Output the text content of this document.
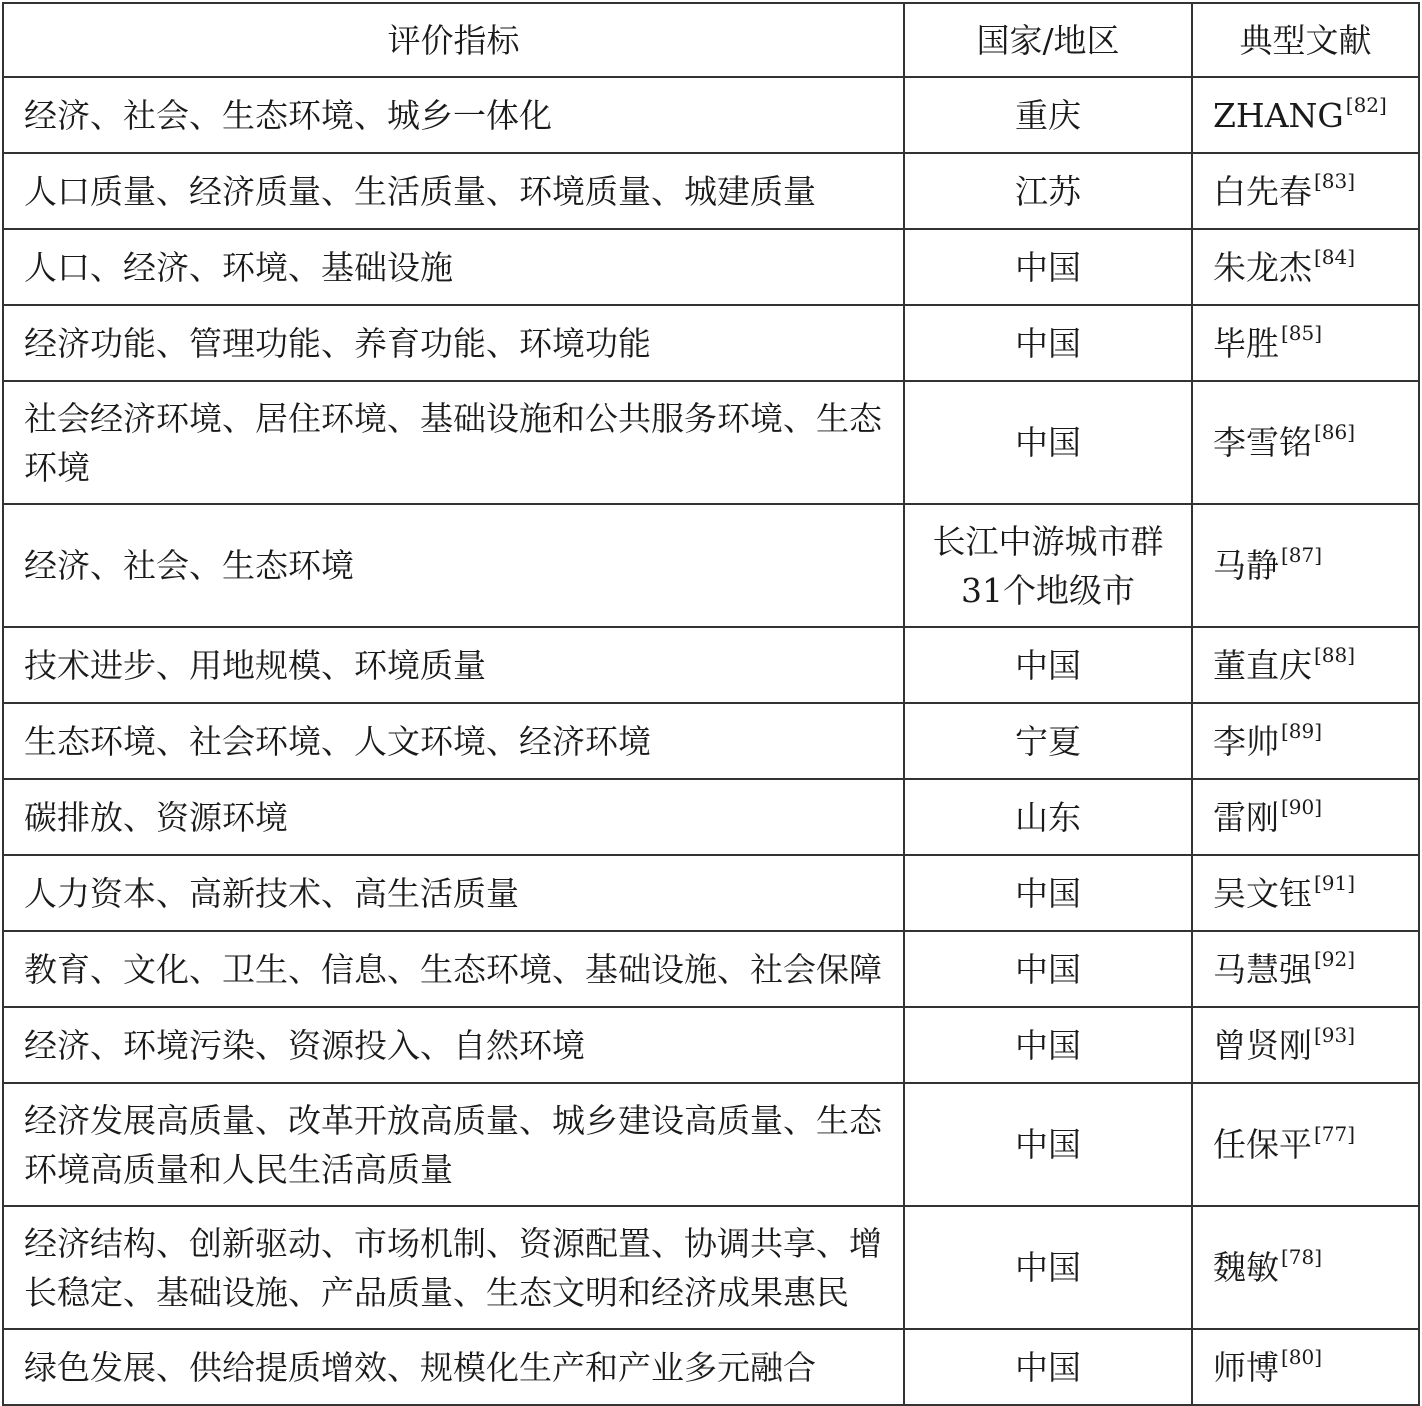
评价指标	国家/地区	典型文献
经济、社会、生态环境、城乡一体化	重庆	ZHANG [82]
人口质量、经济质量、生活质量、环境质量、城建质量	江苏	白先春 [83]
人口、经济、环境、基础设施	中国	朱龙杰 [84]
经济功能、管理功能、养育功能、环境功能	中国	毕胜 [85]
社会经济环境、居住环境、基础设施和公共服务环境、生态环境	中国	李雪铭 [86]
经济、社会、生态环境	长江中游城市群31个地级市	马静 [87]
技术进步、用地规模、环境质量	中国	董直庆 [88]
生态环境、社会环境、人文环境、经济环境	宁夏	李帅 [89]
碳排放、资源环境	山东	雷刚 [90]
人力资本、高新技术、高生活质量	中国	吴文钰 [91]
教育、文化、卫生、信息、生态环境、基础设施、社会保障	中国	马慧强 [92]
经济、环境污染、资源投入、自然环境	中国	曾贤刚 [93]
经济发展高质量、改革开放高质量、城乡建设高质量、生态环境高质量和人民生活高质量	中国	任保平 [77]
经济结构、创新驱动、市场机制、资源配置、协调共享、增长稳定、基础设施、产品质量、生态文明和经济成果惠民	中国	魏敏 [78]
绿色发展、供给提质增效、规模化生产和产业多元融合	中国	师博 [80]
